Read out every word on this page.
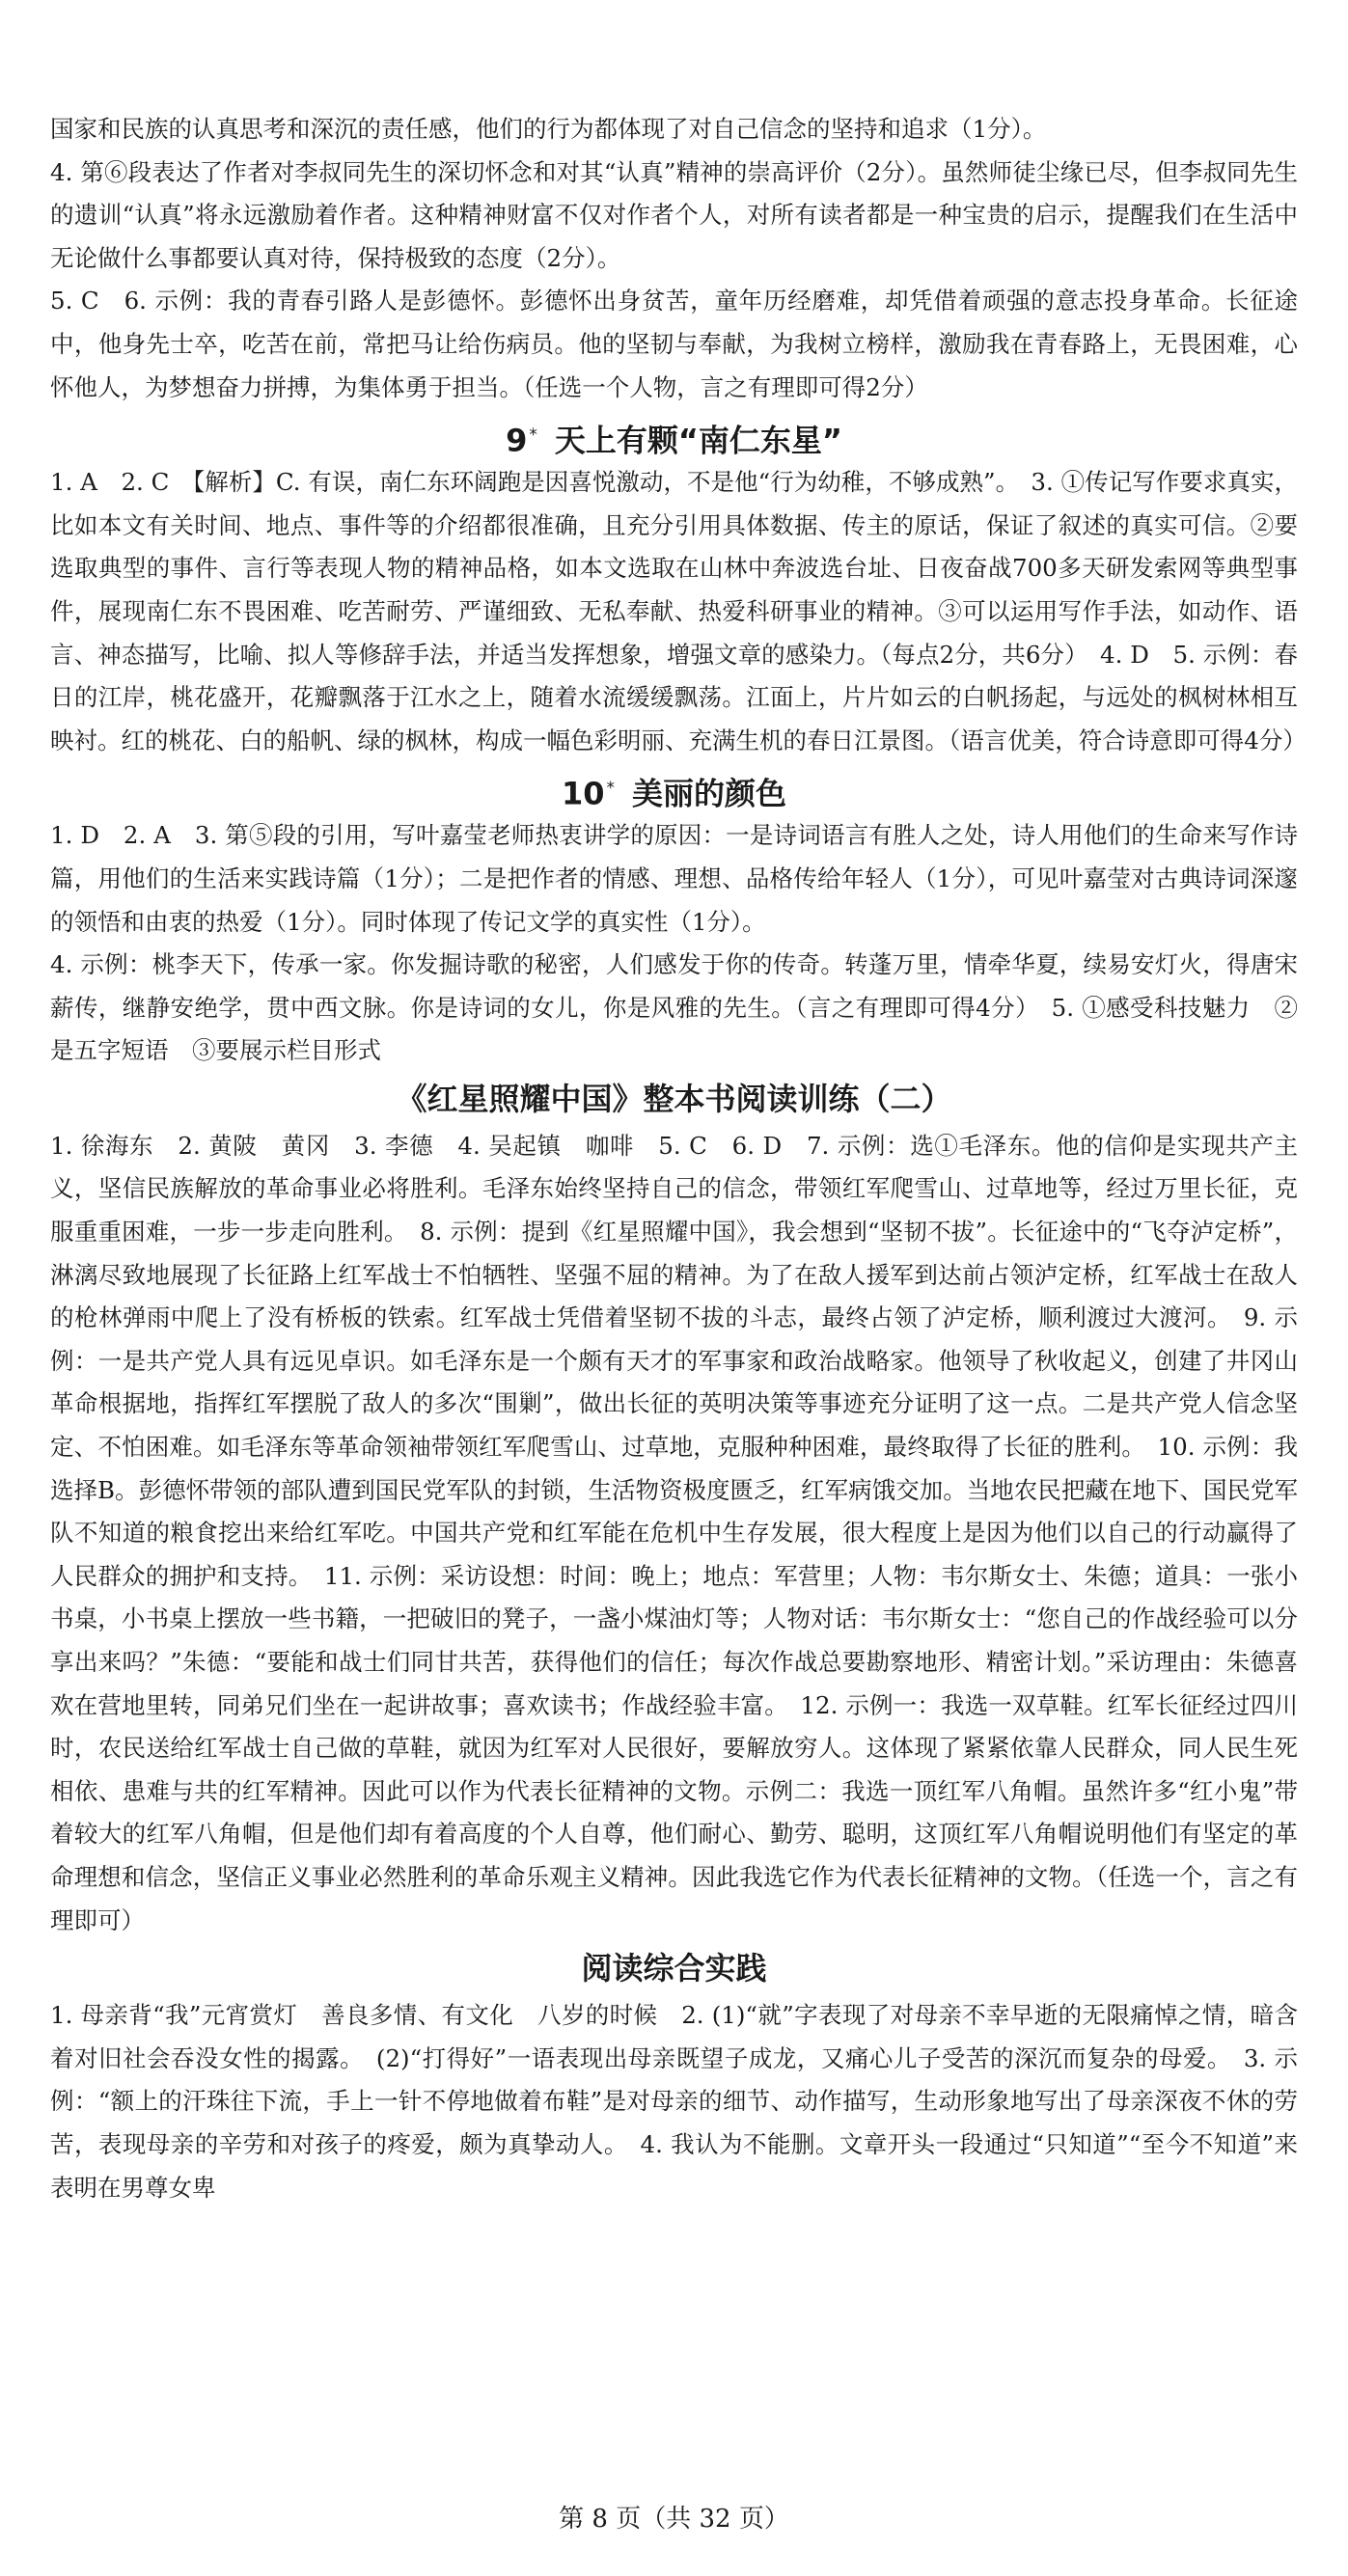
国家和民族的认真思考和深沉的责任感，他们的行为都体现了对自己信念的坚持和追求（1分）。

4. 第⑥段表达了作者对李叔同先生的深切怀念和对其“认真”精神的崇高评价（2分）。虽然师徒尘缘已尽，但李叔同先生的遗训“认真”将永远激励着作者。这种精神财富不仅对作者个人，对所有读者都是一种宝贵的启示，提醒我们在生活中无论做什么事都要认真对待，保持极致的态度（2分）。

5. C　6. 示例：我的青春引路人是彭德怀。彭德怀出身贫苦，童年历经磨难，却凭借着顽强的意志投身革命。长征途中，他身先士卒，吃苦在前，常把马让给伤病员。他的坚韧与奉献，为我树立榜样，激励我在青春路上，无畏困难，心怀他人，为梦想奋力拼搏，为集体勇于担当。（任选一个人物，言之有理即可得2分）

9 * 天上有颗“南仁东星”

1. A　2. C　【解析】C. 有误，南仁东环阔跑是因喜悦激动，不是他“行为幼稚，不够成熟”。　3. ①传记写作要求真实，比如本文有关时间、地点、事件等的介绍都很准确，且充分引用具体数据、传主的原话，保证了叙述的真实可信。②要选取典型的事件、言行等表现人物的精神品格，如本文选取在山林中奔波选台址、日夜奋战700多天研发索网等典型事件，展现南仁东不畏困难、吃苦耐劳、严谨细致、无私奉献、热爱科研事业的精神。③可以运用写作手法，如动作、语言、神态描写，比喻、拟人等修辞手法，并适当发挥想象，增强文章的感染力。（每点2分，共6分）　4. D　5. 示例：春日的江岸，桃花盛开，花瓣飘落于江水之上，随着水流缓缓飘荡。江面上，片片如云的白帆扬起，与远处的枫树林相互映衬。红的桃花、白的船帆、绿的枫林，构成一幅色彩明丽、充满生机的春日江景图。（语言优美，符合诗意即可得4分）

10 * 美丽的颜色

1. D　2. A　3. 第⑤段的引用，写叶嘉莹老师热衷讲学的原因：一是诗词语言有胜人之处，诗人用他们的生命来写作诗篇，用他们的生活来实践诗篇（1分）；二是把作者的情感、理想、品格传给年轻人（1分），可见叶嘉莹对古典诗词深邃的领悟和由衷的热爱（1分）。同时体现了传记文学的真实性（1分）。

4. 示例：桃李天下，传承一家。你发掘诗歌的秘密，人们感发于你的传奇。转蓬万里，情牵华夏，续易安灯火，得唐宋薪传，继静安绝学，贯中西文脉。你是诗词的女儿，你是风雅的先生。（言之有理即可得4分）　5. ①感受科技魅力　②是五字短语　③要展示栏目形式

《红星照耀中国》整本书阅读训练（二）

1. 徐海东　2. 黄陂　黄冈　3. 李德　4. 吴起镇　咖啡　5. C　6. D　7. 示例：选①毛泽东。他的信仰是实现共产主义，坚信民族解放的革命事业必将胜利。毛泽东始终坚持自己的信念，带领红军爬雪山、过草地等，经过万里长征，克服重重困难，一步一步走向胜利。　8. 示例：提到《红星照耀中国》，我会想到“坚韧不拔”。长征途中的“飞夺泸定桥”，淋漓尽致地展现了长征路上红军战士不怕牺牲、坚强不屈的精神。为了在敌人援军到达前占领泸定桥，红军战士在敌人的枪林弹雨中爬上了没有桥板的铁索。红军战士凭借着坚韧不拔的斗志，最终占领了泸定桥，顺利渡过大渡河。　9. 示例：一是共产党人具有远见卓识。如毛泽东是一个颇有天才的军事家和政治战略家。他领导了秋收起义，创建了井冈山革命根据地，指挥红军摆脱了敌人的多次“围剿”，做出长征的英明决策等事迹充分证明了这一点。二是共产党人信念坚定、不怕困难。如毛泽东等革命领袖带领红军爬雪山、过草地，克服种种困难，最终取得了长征的胜利。　10. 示例：我选择B。彭德怀带领的部队遭到国民党军队的封锁，生活物资极度匮乏，红军病饿交加。当地农民把藏在地下、国民党军队不知道的粮食挖出来给红军吃。中国共产党和红军能在危机中生存发展，很大程度上是因为他们以自己的行动赢得了人民群众的拥护和支持。　11. 示例：采访设想：时间：晚上；地点：军营里；人物：韦尔斯女士、朱德；道具：一张小书桌，小书桌上摆放一些书籍，一把破旧的凳子，一盏小煤油灯等；人物对话：韦尔斯女士：“您自己的作战经验可以分享出来吗？”朱德：“要能和战士们同甘共苦，获得他们的信任；每次作战总要勘察地形、精密计划。”采访理由：朱德喜欢在营地里转，同弟兄们坐在一起讲故事；喜欢读书；作战经验丰富。　12. 示例一：我选一双草鞋。红军长征经过四川时，农民送给红军战士自己做的草鞋，就因为红军对人民很好，要解放穷人。这体现了紧紧依靠人民群众，同人民生死相依、患难与共的红军精神。因此可以作为代表长征精神的文物。示例二：我选一顶红军八角帽。虽然许多“红小鬼”带着较大的红军八角帽，但是他们却有着高度的个人自尊，他们耐心、勤劳、聪明，这顶红军八角帽说明他们有坚定的革命理想和信念，坚信正义事业必然胜利的革命乐观主义精神。因此我选它作为代表长征精神的文物。（任选一个，言之有理即可）

阅读综合实践

1. 母亲背“我”元宵赏灯　善良多情、有文化　八岁的时候　2. (1)“就”字表现了对母亲不幸早逝的无限痛悼之情，暗含着对旧社会吞没女性的揭露。　(2)“打得好”一语表现出母亲既望子成龙，又痛心儿子受苦的深沉而复杂的母爱。　3. 示例：“额上的汗珠往下流，手上一针不停地做着布鞋”是对母亲的细节、动作描写，生动形象地写出了母亲深夜不休的劳苦，表现母亲的辛劳和对孩子的疼爱，颇为真挚动人。　4. 我认为不能删。文章开头一段通过“只知道”“至今不知道”来表明在男尊女卑

第 8 页（共 32 页）
